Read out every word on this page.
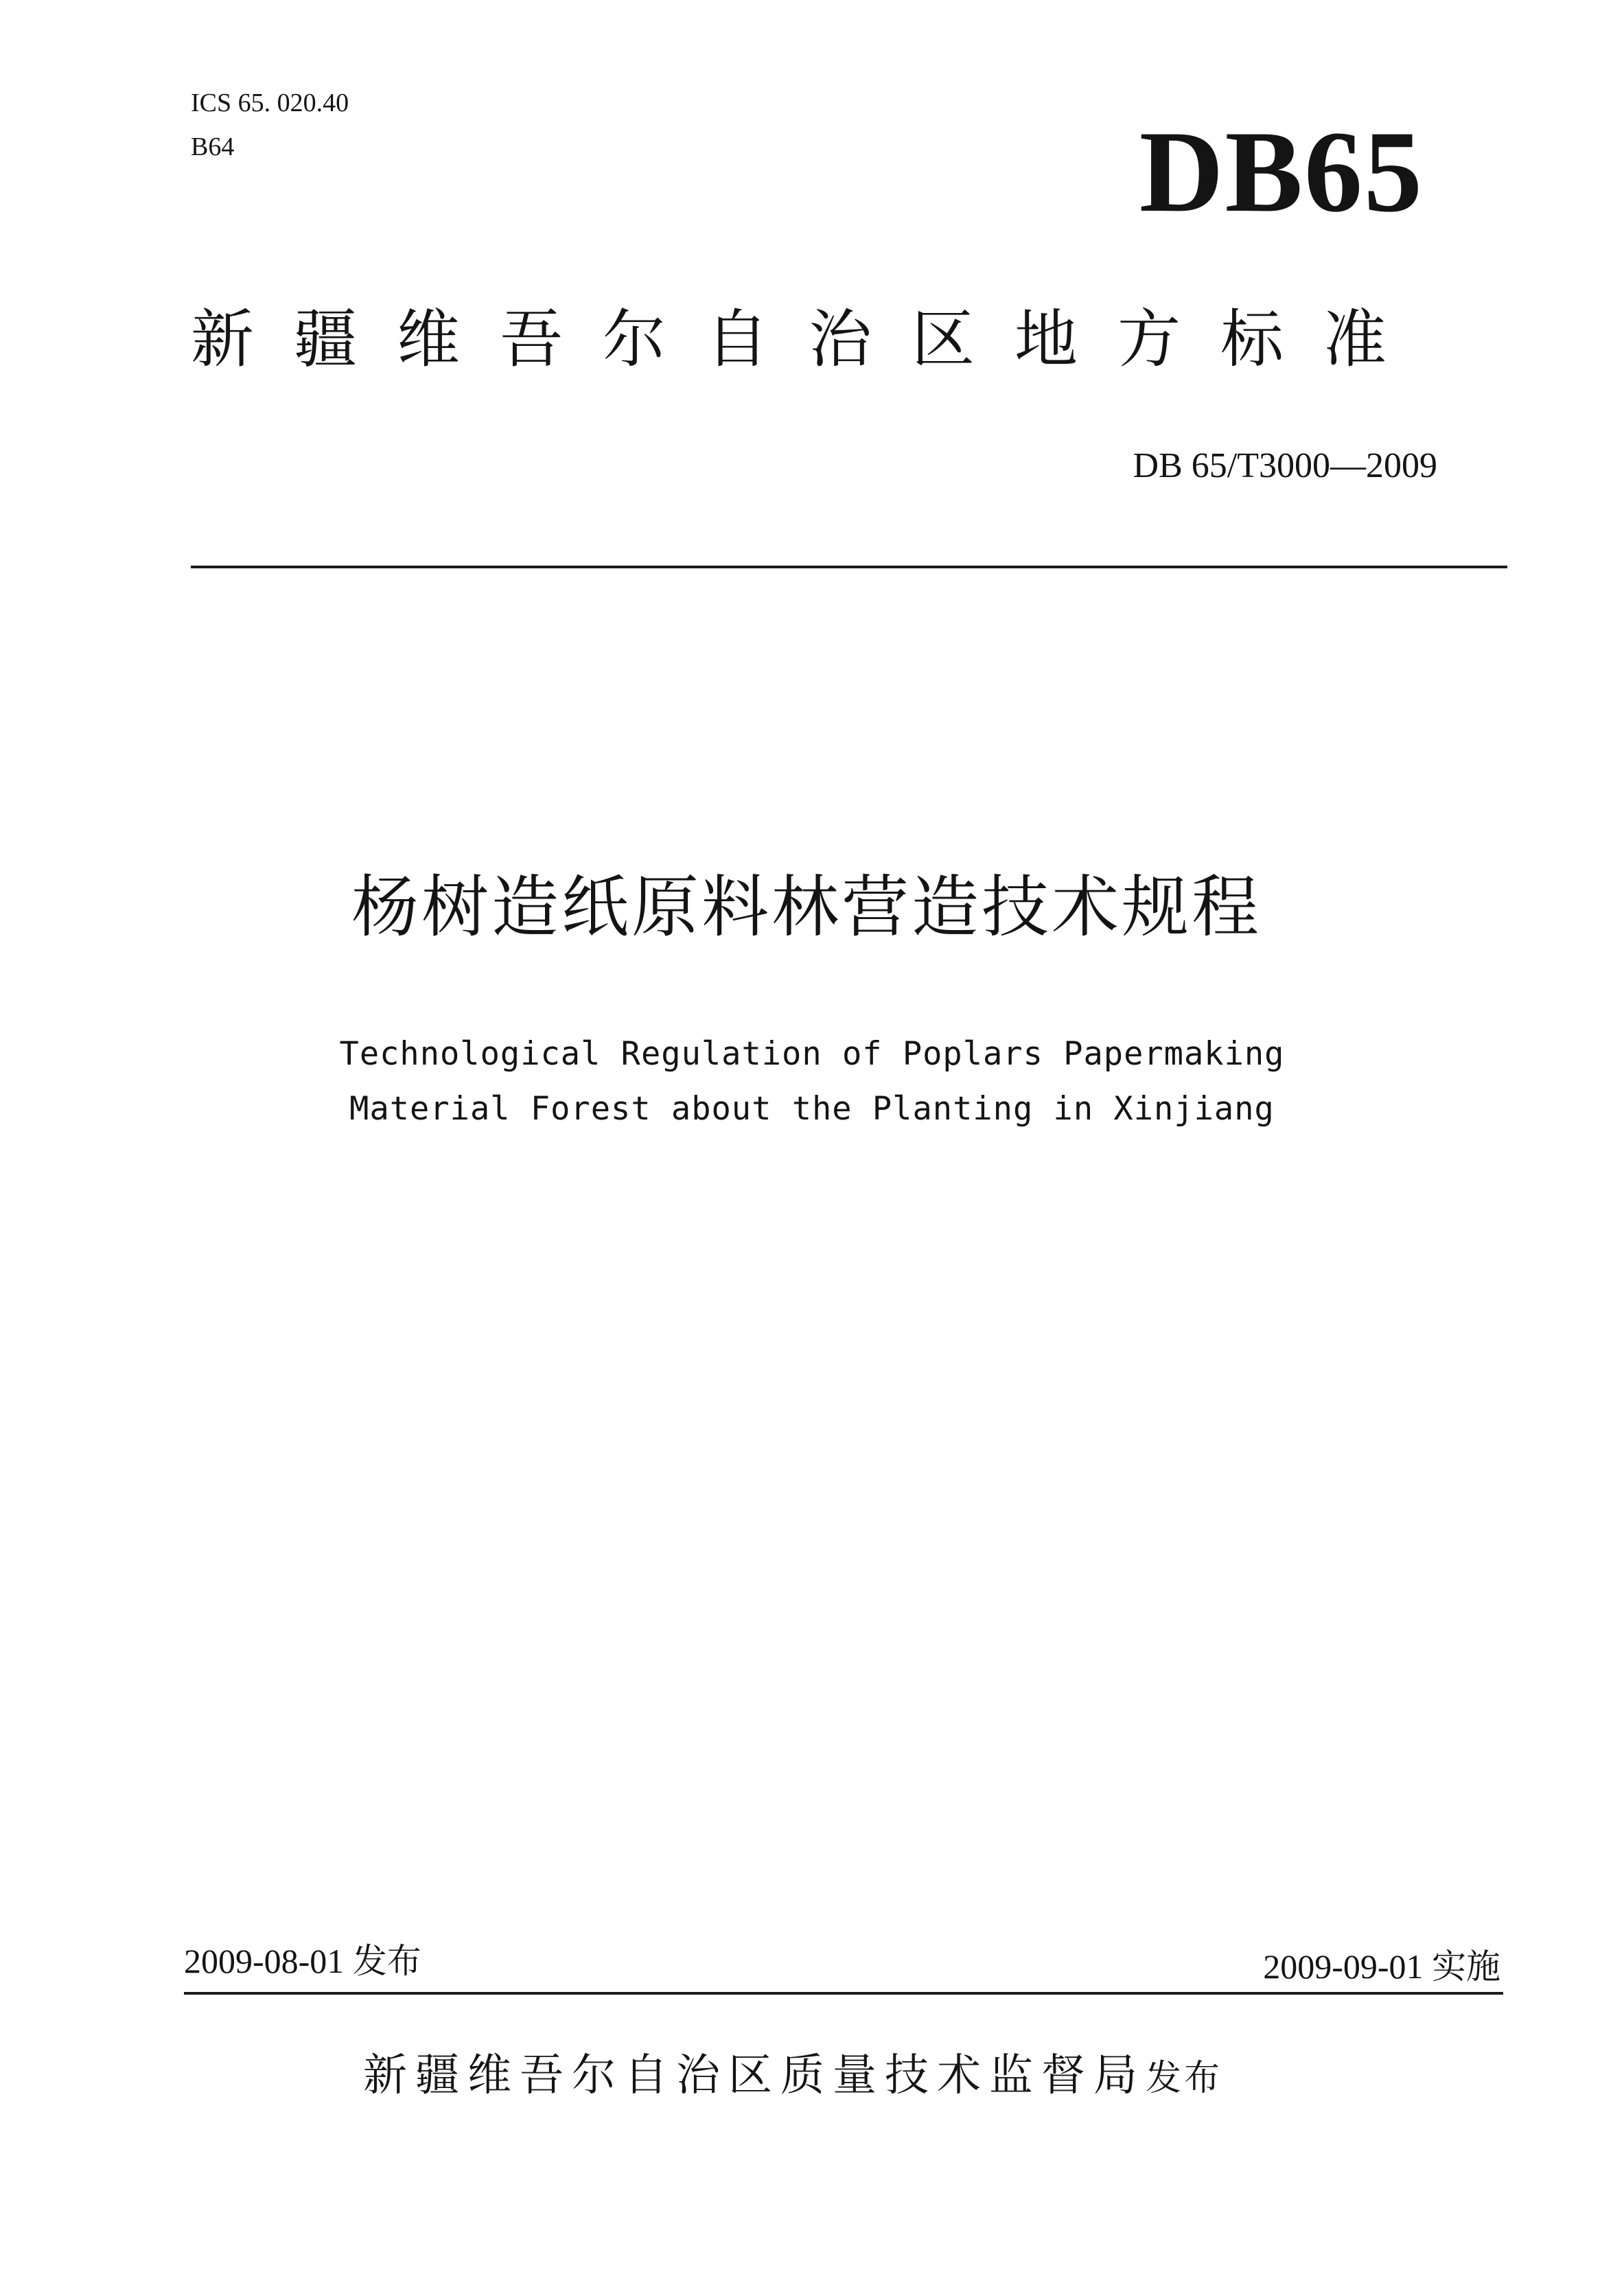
ICS 65. 020.40
B64	DB65
新疆维吾尔自治区地方标准
DB 65/T3000—2009
杨树造纸原料林营造技术规程
Technological Regulation of Poplars Papermaking
Material Forest about the Planting in Xinjiang
2009-08-01 发布	2009-09-01 实施
新疆维吾尔自治区质量技术监督局发布
